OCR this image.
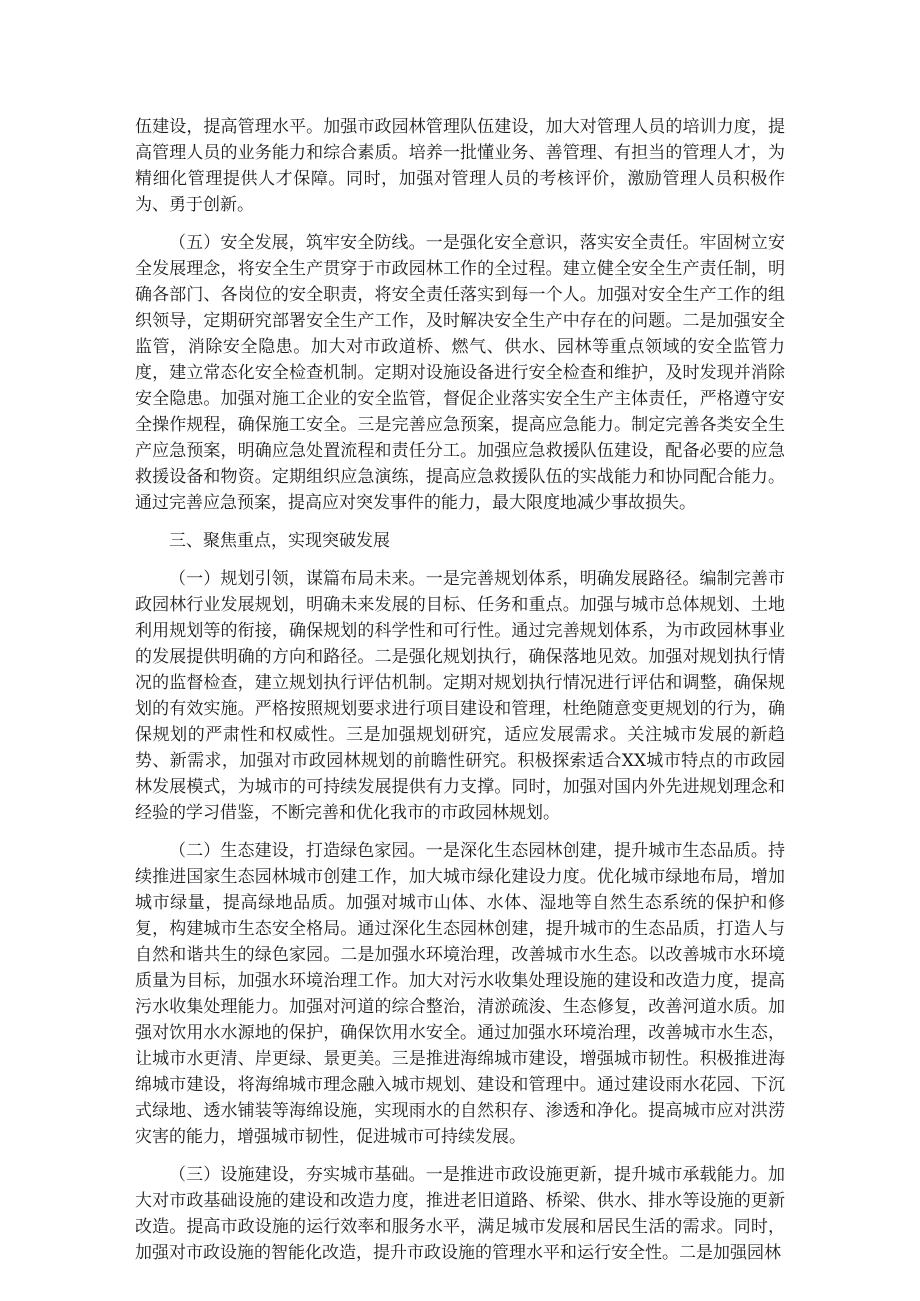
伍建设，提高管理水平。加强市政园林管理队伍建设，加大对管理人员的培训力度，提高管理人员的业务能力和综合素质。培养一批懂业务、善管理、有担当的管理人才，为精细化管理提供人才保障。同时，加强对管理人员的考核评价，激励管理人员积极作为、勇于创新。

（五）安全发展，筑牢安全防线。一是强化安全意识，落实安全责任。牢固树立安全发展理念，将安全生产贯穿于市政园林工作的全过程。建立健全安全生产责任制，明确各部门、各岗位的安全职责，将安全责任落实到每一个人。加强对安全生产工作的组织领导，定期研究部署安全生产工作，及时解决安全生产中存在的问题。二是加强安全监管，消除安全隐患。加大对市政道桥、燃气、供水、园林等重点领域的安全监管力度，建立常态化安全检查机制。定期对设施设备进行安全检查和维护，及时发现并消除安全隐患。加强对施工企业的安全监管，督促企业落实安全生产主体责任，严格遵守安全操作规程，确保施工安全。三是完善应急预案，提高应急能力。制定完善各类安全生产应急预案，明确应急处置流程和责任分工。加强应急救援队伍建设，配备必要的应急救援设备和物资。定期组织应急演练，提高应急救援队伍的实战能力和协同配合能力。通过完善应急预案，提高应对突发事件的能力，最大限度地减少事故损失。

三、聚焦重点，实现突破发展

（一）规划引领，谋篇布局未来。一是完善规划体系，明确发展路径。编制完善市政园林行业发展规划，明确未来发展的目标、任务和重点。加强与城市总体规划、土地利用规划等的衔接，确保规划的科学性和可行性。通过完善规划体系，为市政园林事业的发展提供明确的方向和路径。二是强化规划执行，确保落地见效。加强对规划执行情况的监督检查，建立规划执行评估机制。定期对规划执行情况进行评估和调整，确保规划的有效实施。严格按照规划要求进行项目建设和管理，杜绝随意变更规划的行为，确保规划的严肃性和权威性。三是加强规划研究，适应发展需求。关注城市发展的新趋势、新需求，加强对市政园林规划的前瞻性研究。积极探索适合XX城市特点的市政园林发展模式，为城市的可持续发展提供有力支撑。同时，加强对国内外先进规划理念和经验的学习借鉴，不断完善和优化我市的市政园林规划。

（二）生态建设，打造绿色家园。一是深化生态园林创建，提升城市生态品质。持续推进国家生态园林城市创建工作，加大城市绿化建设力度。优化城市绿地布局，增加城市绿量，提高绿地品质。加强对城市山体、水体、湿地等自然生态系统的保护和修复，构建城市生态安全格局。通过深化生态园林创建，提升城市的生态品质，打造人与自然和谐共生的绿色家园。二是加强水环境治理，改善城市水生态。以改善城市水环境质量为目标，加强水环境治理工作。加大对污水收集处理设施的建设和改造力度，提高污水收集处理能力。加强对河道的综合整治，清淤疏浚、生态修复，改善河道水质。加强对饮用水水源地的保护，确保饮用水安全。通过加强水环境治理，改善城市水生态，让城市水更清、岸更绿、景更美。三是推进海绵城市建设，增强城市韧性。积极推进海绵城市建设，将海绵城市理念融入城市规划、建设和管理中。通过建设雨水花园、下沉式绿地、透水铺装等海绵设施，实现雨水的自然积存、渗透和净化。提高城市应对洪涝灾害的能力，增强城市韧性，促进城市可持续发展。

（三）设施建设，夯实城市基础。一是推进市政设施更新，提升城市承载能力。加大对市政基础设施的建设和改造力度，推进老旧道路、桥梁、供水、排水等设施的更新改造。提高市政设施的运行效率和服务水平，满足城市发展和居民生活的需求。同时，加强对市政设施的智能化改造，提升市政设施的管理水平和运行安全性。二是加强园林
